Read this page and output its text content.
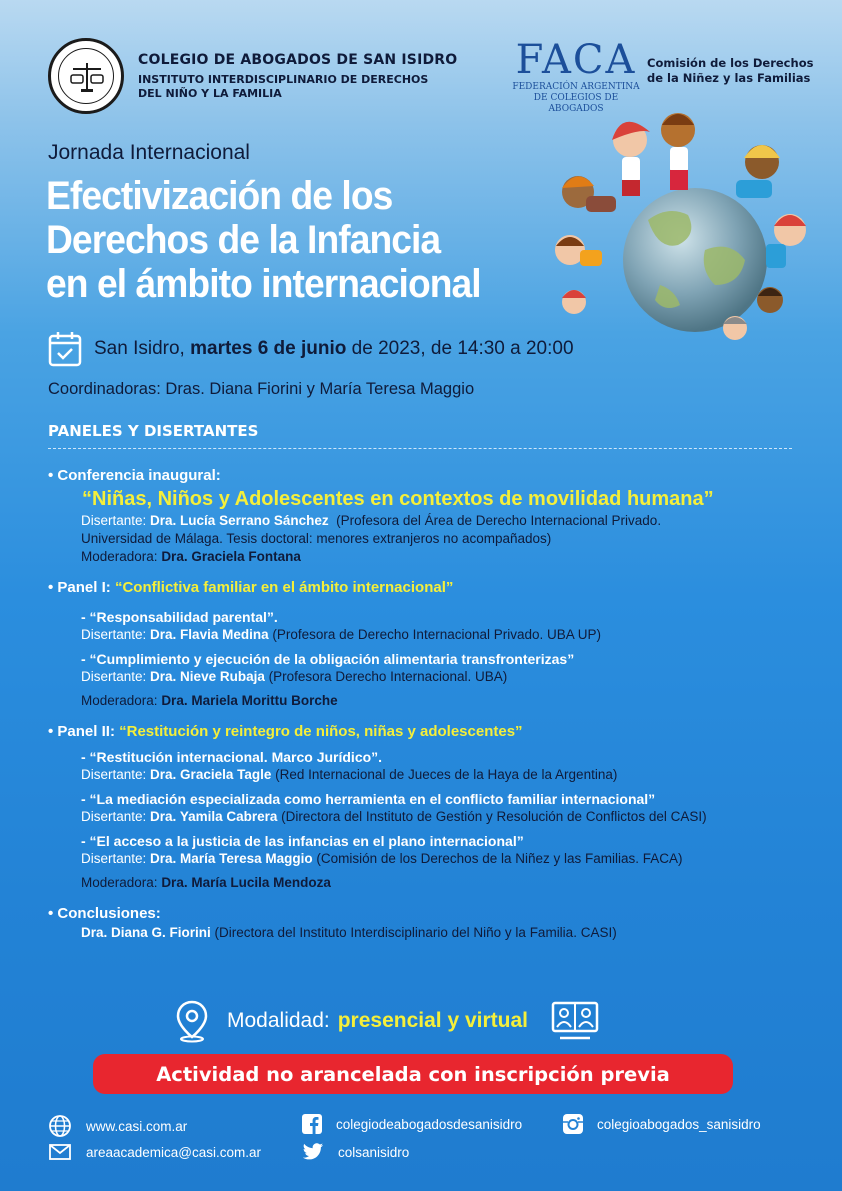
COLEGIO DE ABOGADOS DE SAN ISIDRO
INSTITUTO INTERDISCIPLINARIO DE DERECHOS
DEL NIÑO Y LA FAMILIA
FACA
FEDERACIÓN ARGENTINA
DE COLEGIOS DE ABOGADOS
Comisión de los Derechos
de la Niñez y las Familias
Jornada Internacional
Efectivización de los
Derechos de la Infancia
en el ámbito internacional
San Isidro, martes 6 de junio de 2023, de 14:30 a 20:00
Coordinadoras: Dras. Diana Fiorini y María Teresa Maggio
PANELES Y DISERTANTES
• Conferencia inaugural:
“Niñas, Niños y Adolescentes en contextos de movilidad humana”
Disertante: Dra. Lucía Serrano Sánchez (Profesora del Área de Derecho Internacional Privado.
Universidad de Málaga. Tesis doctoral: menores extranjeros no acompañados)
Moderadora: Dra. Graciela Fontana
• Panel I: “Conflictiva familiar en el ámbito internacional”
- “Responsabilidad parental”.
Disertante: Dra. Flavia Medina (Profesora de Derecho Internacional Privado. UBA UP)
- “Cumplimiento y ejecución de la obligación alimentaria transfronterizas”
Disertante: Dra. Nieve Rubaja (Profesora Derecho Internacional. UBA)
Moderadora: Dra. Mariela Morittu Borche
• Panel II: “Restitución y reintegro de niños, niñas y adolescentes”
- “Restitución internacional. Marco Jurídico”.
Disertante: Dra. Graciela Tagle (Red Internacional de Jueces de la Haya de la Argentina)
- “La mediación especializada como herramienta en el conflicto familiar internacional”
Disertante: Dra. Yamila Cabrera (Directora del Instituto de Gestión y Resolución de Conflictos del CASI)
- “El acceso a la justicia de las infancias en el plano internacional”
Disertante: Dra. María Teresa Maggio (Comisión de los Derechos de la Niñez y las Familias. FACA)
Moderadora: Dra. María Lucila Mendoza
• Conclusiones:
Dra. Diana G. Fiorini (Directora del Instituto Interdisciplinario del Niño y la Familia. CASI)
Modalidad: presencial y virtual
Actividad no arancelada con inscripción previa
www.casi.com.ar
areaacademica@casi.com.ar
colegiodeabogadosdesanisidro
colsanisidro
colegioabogados_sanisidro
